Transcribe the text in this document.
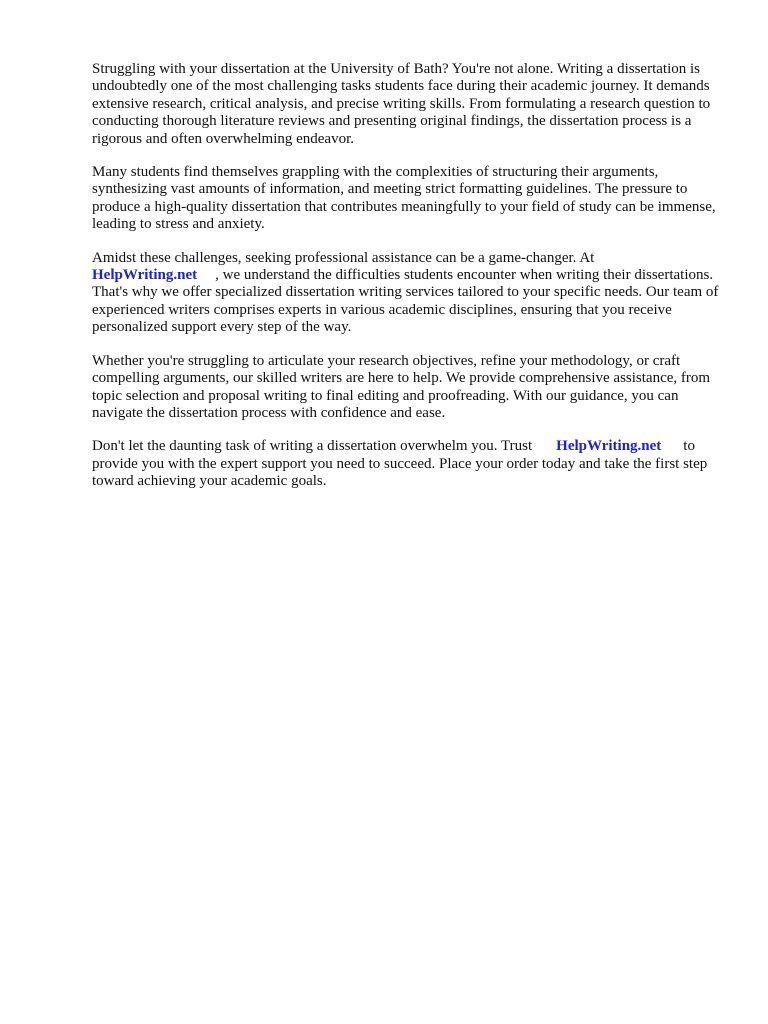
Struggling with your dissertation at the University of Bath? You're not alone. Writing a dissertation is undoubtedly one of the most challenging tasks students face during their academic journey. It demands extensive research, critical analysis, and precise writing skills. From formulating a research question to conducting thorough literature reviews and presenting original findings, the dissertation process is a rigorous and often overwhelming endeavor.

Many students find themselves grappling with the complexities of structuring their arguments, synthesizing vast amounts of information, and meeting strict formatting guidelines. The pressure to produce a high-quality dissertation that contributes meaningfully to your field of study can be immense, leading to stress and anxiety.

Amidst these challenges, seeking professional assistance can be a game-changer. At
HelpWriting.net , we understand the difficulties students encounter when writing their dissertations. That's why we offer specialized dissertation writing services tailored to your specific needs. Our team of experienced writers comprises experts in various academic disciplines, ensuring that you receive personalized support every step of the way.

Whether you're struggling to articulate your research objectives, refine your methodology, or craft compelling arguments, our skilled writers are here to help. We provide comprehensive assistance, from topic selection and proposal writing to final editing and proofreading. With our guidance, you can navigate the dissertation process with confidence and ease.

Don't let the daunting task of writing a dissertation overwhelm you. Trust HelpWriting.net to provide you with the expert support you need to succeed. Place your order today and take the first step toward achieving your academic goals.
